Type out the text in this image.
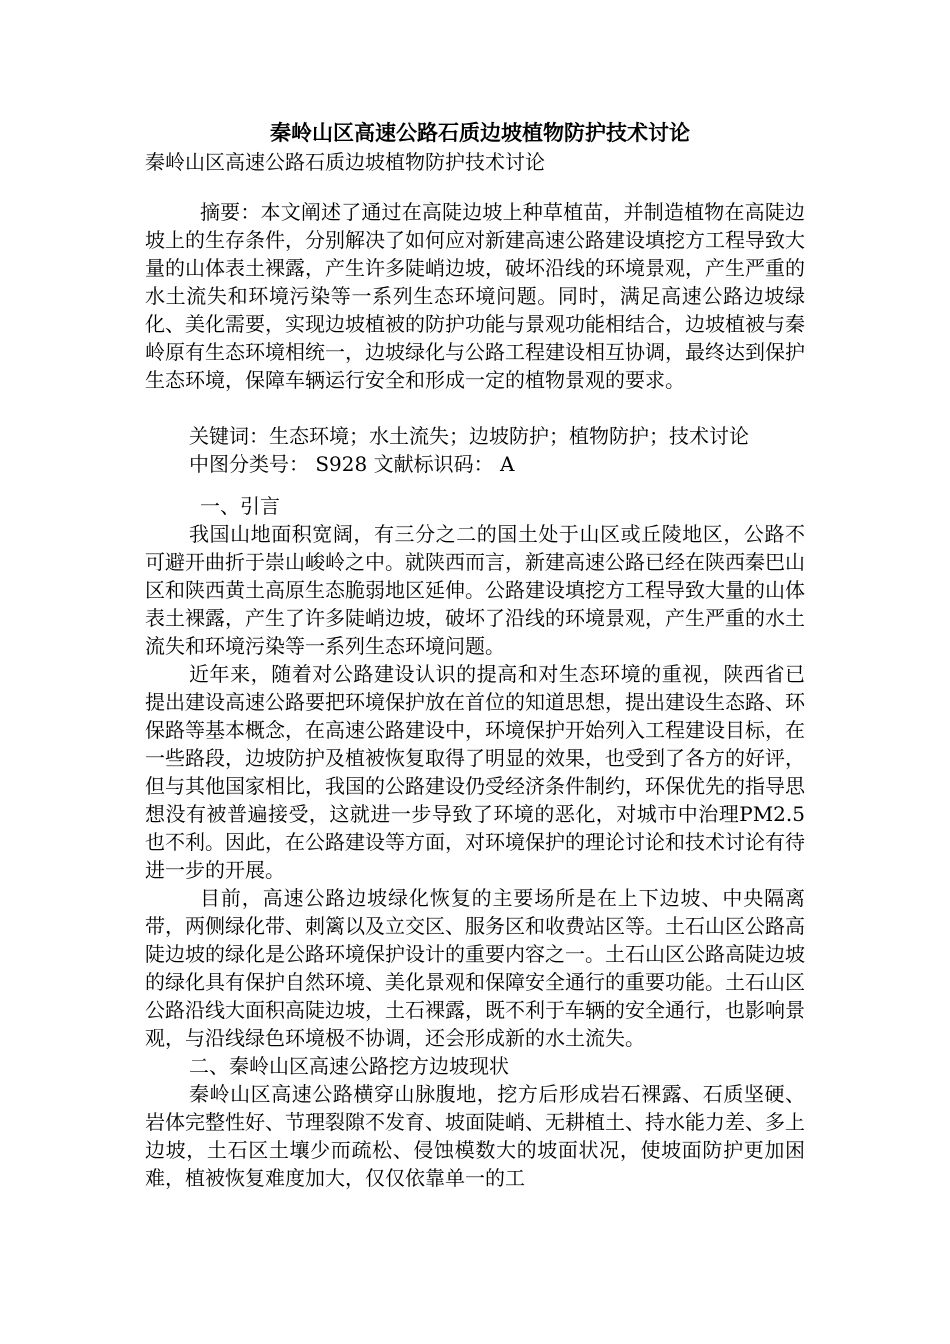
秦岭山区高速公路石质边坡植物防护技术讨论
秦岭山区高速公路石质边坡植物防护技术讨论

摘要：本文阐述了通过在高陡边坡上种草植苗，并制造植物在高陡边坡上的生存条件，分别解决了如何应对新建高速公路建设填挖方工程导致大量的山体表土裸露，产生许多陡峭边坡，破坏沿线的环境景观，产生严重的水土流失和环境污染等一系列生态环境问题。同时，满足高速公路边坡绿化、美化需要，实现边坡植被的防护功能与景观功能相结合，边坡植被与秦岭原有生态环境相统一，边坡绿化与公路工程建设相互协调，最终达到保护生态环境，保障车辆运行安全和形成一定的植物景观的要求。

关键词：生态环境；水土流失；边坡防护；植物防护；技术讨论

中图分类号： S928 文献标识码： A

一、引言

我国山地面积宽阔，有三分之二的国土处于山区或丘陵地区，公路不可避开曲折于崇山峻岭之中。就陕西而言，新建高速公路已经在陕西秦巴山区和陕西黄土高原生态脆弱地区延伸。公路建设填挖方工程导致大量的山体表土裸露，产生了许多陡峭边坡，破坏了沿线的环境景观，产生严重的水土流失和环境污染等一系列生态环境问题。

近年来，随着对公路建设认识的提高和对生态环境的重视，陕西省已提出建设高速公路要把环境保护放在首位的知道思想，提出建设生态路、环保路等基本概念，在高速公路建设中，环境保护开始列入工程建设目标，在一些路段，边坡防护及植被恢复取得了明显的效果，也受到了各方的好评，但与其他国家相比，我国的公路建设仍受经济条件制约，环保优先的指导思想没有被普遍接受，这就进一步导致了环境的恶化，对城市中治理PM2.5也不利。因此，在公路建设等方面，对环境保护的理论讨论和技术讨论有待进一步的开展。

目前，高速公路边坡绿化恢复的主要场所是在上下边坡、中央隔离带，两侧绿化带、刺篱以及立交区、服务区和收费站区等。土石山区公路高陡边坡的绿化是公路环境保护设计的重要内容之一。土石山区公路高陡边坡的绿化具有保护自然环境、美化景观和保障安全通行的重要功能。土石山区公路沿线大面积高陡边坡，土石裸露，既不利于车辆的安全通行，也影响景观，与沿线绿色环境极不协调，还会形成新的水土流失。

二、秦岭山区高速公路挖方边坡现状

秦岭山区高速公路横穿山脉腹地，挖方后形成岩石裸露、石质坚硬、岩体完整性好、节理裂隙不发育、坡面陡峭、无耕植土、持水能力差、多上边坡，土石区土壤少而疏松、侵蚀模数大的坡面状况，使坡面防护更加困难，植被恢复难度加大，仅仅依靠单一的工
